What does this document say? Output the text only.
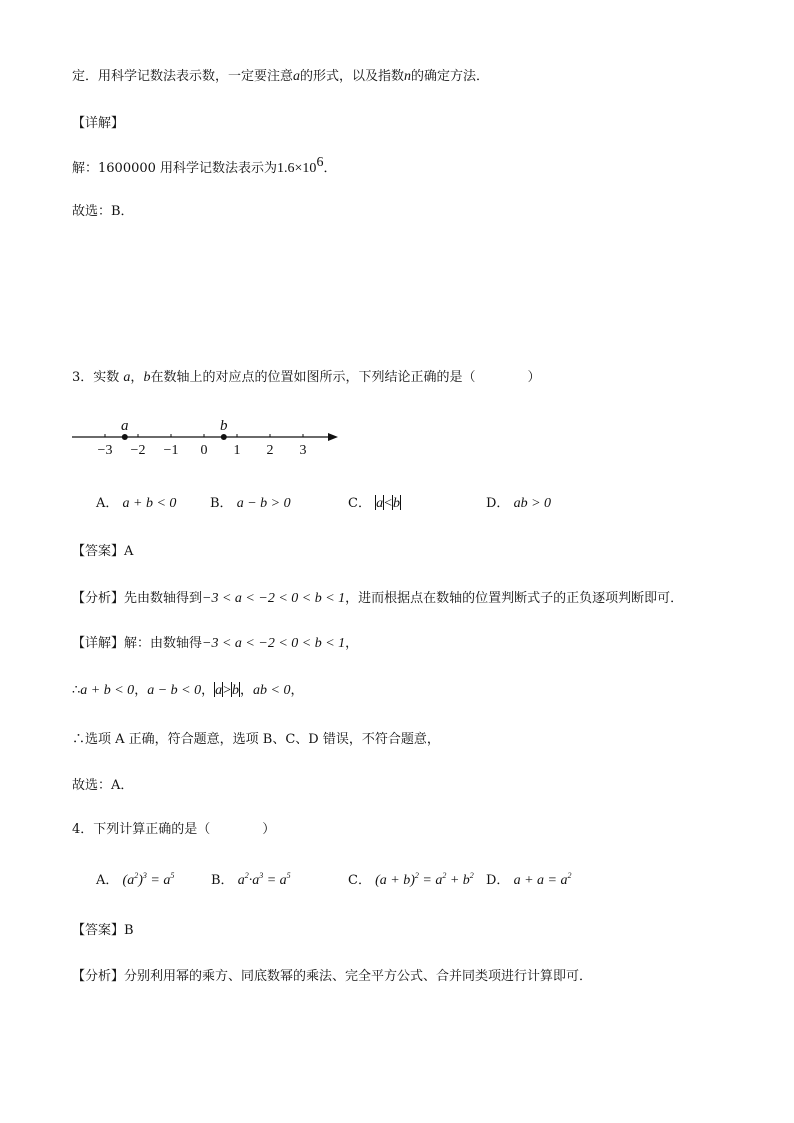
定．用科学记数法表示数，一定要注意a的形式，以及指数n的确定方法．
【详解】
解：1600000 用科学记数法表示为$1.6\times 10^6$．
故选：B．
3．实数 a，b在数轴上的对应点的位置如图所示，下列结论正确的是（　　　　）
−3 −2 −1 0 1 2 3
a	b
A． a + b < 0	B． a − b > 0	C． a<b	D． ab > 0
【答案】A
【分析】先由数轴得到−3 < a < −2 < 0 < b < 1，进而根据点在数轴的位置判断式子的正负逐项判断即可．
【详解】解：由数轴得−3 < a < −2 < 0 < b < 1，
∴a + b < 0，a − b < 0，a>b，ab < 0，
∴选项 A 正确，符合题意，选项 B、C、D 错误，不符合题意，
故选：A．
4．下列计算正确的是（　　　　）
A． $(a^2)^3 = a^5$	B． $a^2\cdot a^3 = a^5$	C． $(a + b)^2 = a^2 + b^2$ D． $a + a = a^2$
【答案】B
【分析】分别利用幂的乘方、同底数幂的乘法、完全平方公式、合并同类项进行计算即可．
